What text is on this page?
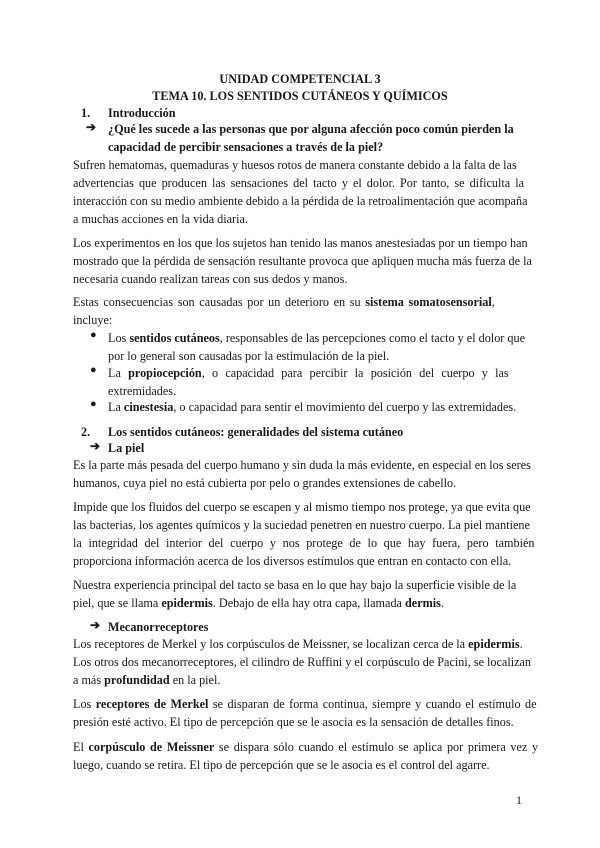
UNIDAD COMPETENCIAL 3
TEMA 10. LOS SENTIDOS CUTÁNEOS Y QUÍMICOS
1. Introducción
➔ ¿Qué les sucede a las personas que por alguna afección poco común pierden la
capacidad de percibir sensaciones a través de la piel?
Sufren hematomas, quemaduras y huesos rotos de manera constante debido a la falta de las
advertencias que producen las sensaciones del tacto y el dolor. Por tanto, se dificulta la
interacción con su medio ambiente debido a la pérdida de la retroalimentación que acompaña
a muchas acciones en la vida diaria.
Los experimentos en los que los sujetos han tenido las manos anestesiadas por un tiempo han
mostrado que la pérdida de sensación resultante provoca que apliquen mucha más fuerza de la
necesaria cuando realizan tareas con sus dedos y manos.
Estas consecuencias son causadas por un deterioro en su sistema somatosensorial,
incluye:
● Los sentidos cutáneos, responsables de las percepciones como el tacto y el dolor que
por lo general son causadas por la estimulación de la piel.
● La propiocepción, o capacidad para percibir la posición del cuerpo y las
extremidades.
● La cinestesia, o capacidad para sentir el movimiento del cuerpo y las extremidades.
2. Los sentidos cutáneos: generalidades del sistema cutáneo
➔ La piel
Es la parte más pesada del cuerpo humano y sin duda la más evidente, en especial en los seres
humanos, cuya piel no está cubierta por pelo o grandes extensiones de cabello.
Impide que los fluidos del cuerpo se escapen y al mismo tiempo nos protege, ya que evita que
las bacterias, los agentes químicos y la suciedad penetren en nuestro cuerpo. La piel mantiene
la integridad del interior del cuerpo y nos protege de lo que hay fuera, pero también
proporciona información acerca de los diversos estímulos que entran en contacto con ella.
Nuestra experiencia principal del tacto se basa en lo que hay bajo la superficie visible de la
piel, que se llama epidermis. Debajo de ella hay otra capa, llamada dermis.
➔ Mecanorreceptores
Los receptores de Merkel y los corpúsculos de Meissner, se localizan cerca de la epidermis.
Los otros dos mecanorreceptores, el cilindro de Ruffini y el corpúsculo de Pacini, se localizan
a más profundidad en la piel.
Los receptores de Merkel se disparan de forma continua, siempre y cuando el estímulo de
presión esté activo. El tipo de percepción que se le asocia es la sensación de detalles finos.
El corpúsculo de Meissner se dispara sólo cuando el estímulo se aplica por primera vez y
luego, cuando se retira. El tipo de percepción que se le asocia es el control del agarre.
1
